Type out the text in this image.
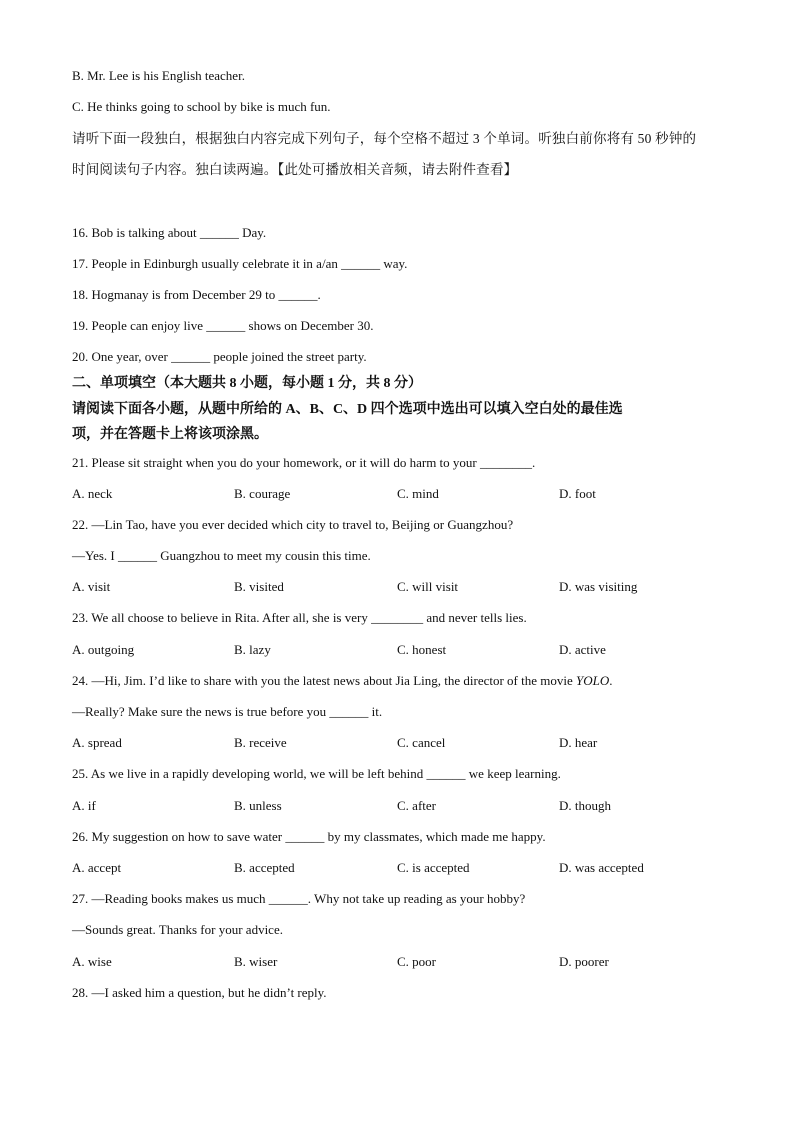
B. Mr. Lee is his English teacher.
C. He thinks going to school by bike is much fun.
请听下面一段独白，根据独白内容完成下列句子，每个空格不超过 3 个单词。听独白前你将有 50 秒钟的
时间阅读句子内容。独白读两遍。【此处可播放相关音频，请去附件查看】
16. Bob is talking about ______ Day.
17. People in Edinburgh usually celebrate it in a/an ______ way.
18. Hogmanay is from December 29 to ______.
19. People can enjoy live ______ shows on December 30.
20. One year, over ______ people joined the street party.
二、单项填空（本大题共 8 小题，每小题 1 分，共 8 分）
请阅读下面各小题，从题中所给的 A、B、C、D 四个选项中选出可以填入空白处的最佳选
项，并在答题卡上将该项涂黑。
21. Please sit straight when you do your homework, or it will do harm to your ________.
A. neck	B. courage	C. mind	D. foot
22. —Lin Tao, have you ever decided which city to travel to, Beijing or Guangzhou?
—Yes. I ______ Guangzhou to meet my cousin this time.
A. visit	B. visited	C. will visit	D. was visiting
23. We all choose to believe in Rita. After all, she is very ________ and never tells lies.
A. outgoing	B. lazy	C. honest	D. active
24. —Hi, Jim. I’d like to share with you the latest news about Jia Ling, the director of the movie YOLO.
—Really? Make sure the news is true before you ______ it.
A. spread	B. receive	C. cancel	D. hear
25. As we live in a rapidly developing world, we will be left behind ______ we keep learning.
A. if	B. unless	C. after	D. though
26. My suggestion on how to save water ______ by my classmates, which made me happy.
A. accept	B. accepted	C. is accepted	D. was accepted
27. —Reading books makes us much ______. Why not take up reading as your hobby?
—Sounds great. Thanks for your advice.
A. wise	B. wiser	C. poor	D. poorer
28. —I asked him a question, but he didn’t reply.
